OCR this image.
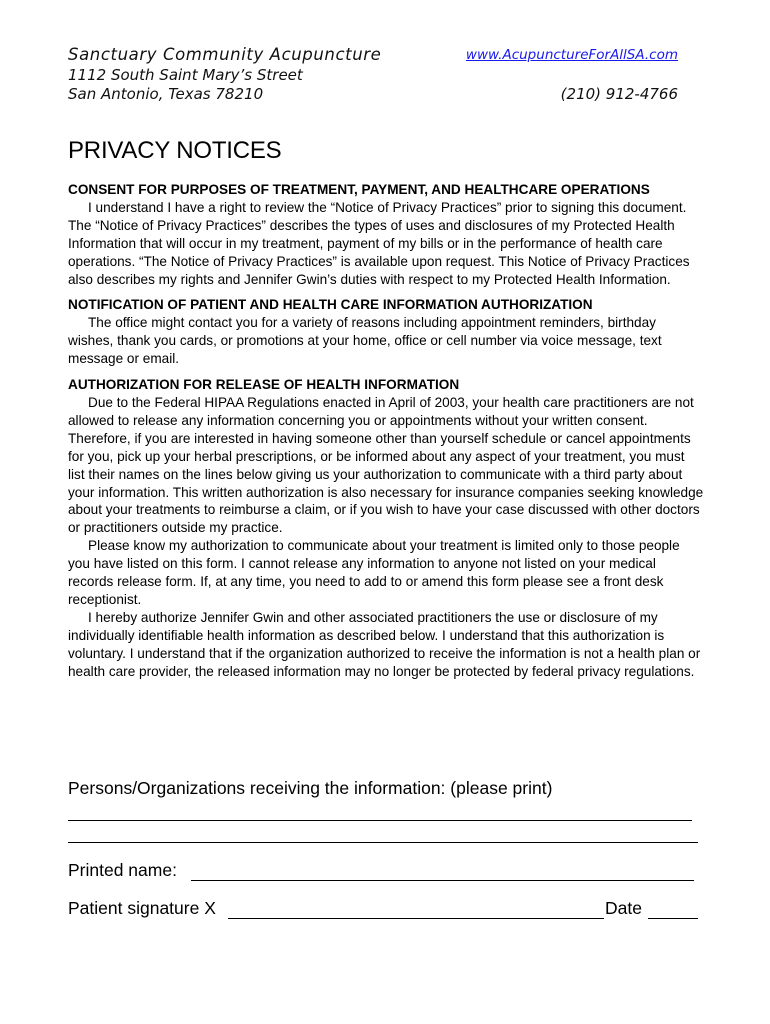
Sanctuary Community Acupuncture
1112 South Saint Mary’s Street
San Antonio, Texas 78210
www.AcupunctureForAllSA.com
(210) 912-4766
PRIVACY NOTICES
CONSENT FOR PURPOSES OF TREATMENT, PAYMENT, AND HEALTHCARE OPERATIONS

I understand I have a right to review the “Notice of Privacy Practices” prior to signing this document. The “Notice of Privacy Practices” describes the types of uses and disclosures of my Protected Health Information that will occur in my treatment, payment of my bills or in the performance of health care operations. “The Notice of Privacy Practices” is available upon request. This Notice of Privacy Practices also describes my rights and Jennifer Gwin’s duties with respect to my Protected Health Information.

NOTIFICATION OF PATIENT AND HEALTH CARE INFORMATION AUTHORIZATION

The office might contact you for a variety of reasons including appointment reminders, birthday wishes, thank you cards, or promotions at your home, office or cell number via voice message, text message or email.

AUTHORIZATION FOR RELEASE OF HEALTH INFORMATION

Due to the Federal HIPAA Regulations enacted in April of 2003, your health care practitioners are not allowed to release any information concerning you or appointments without your written consent. Therefore, if you are interested in having someone other than yourself schedule or cancel appointments for you, pick up your herbal prescriptions, or be informed about any aspect of your treatment, you must list their names on the lines below giving us your authorization to communicate with a third party about your information. This written authorization is also necessary for insurance companies seeking knowledge about your treatments to reimburse a claim, or if you wish to have your case discussed with other doctors or practitioners outside my practice.

Please know my authorization to communicate about your treatment is limited only to those people you have listed on this form. I cannot release any information to anyone not listed on your medical records release form. If, at any time, you need to add to or amend this form please see a front desk receptionist.

I hereby authorize Jennifer Gwin and other associated practitioners the use or disclosure of my individually identifiable health information as described below. I understand that this authorization is voluntary. I understand that if the organization authorized to receive the information is not a health plan or health care provider, the released information may no longer be protected by federal privacy regulations.

Persons/Organizations receiving the information: (please print)
Printed name:
Patient signature X	Date
